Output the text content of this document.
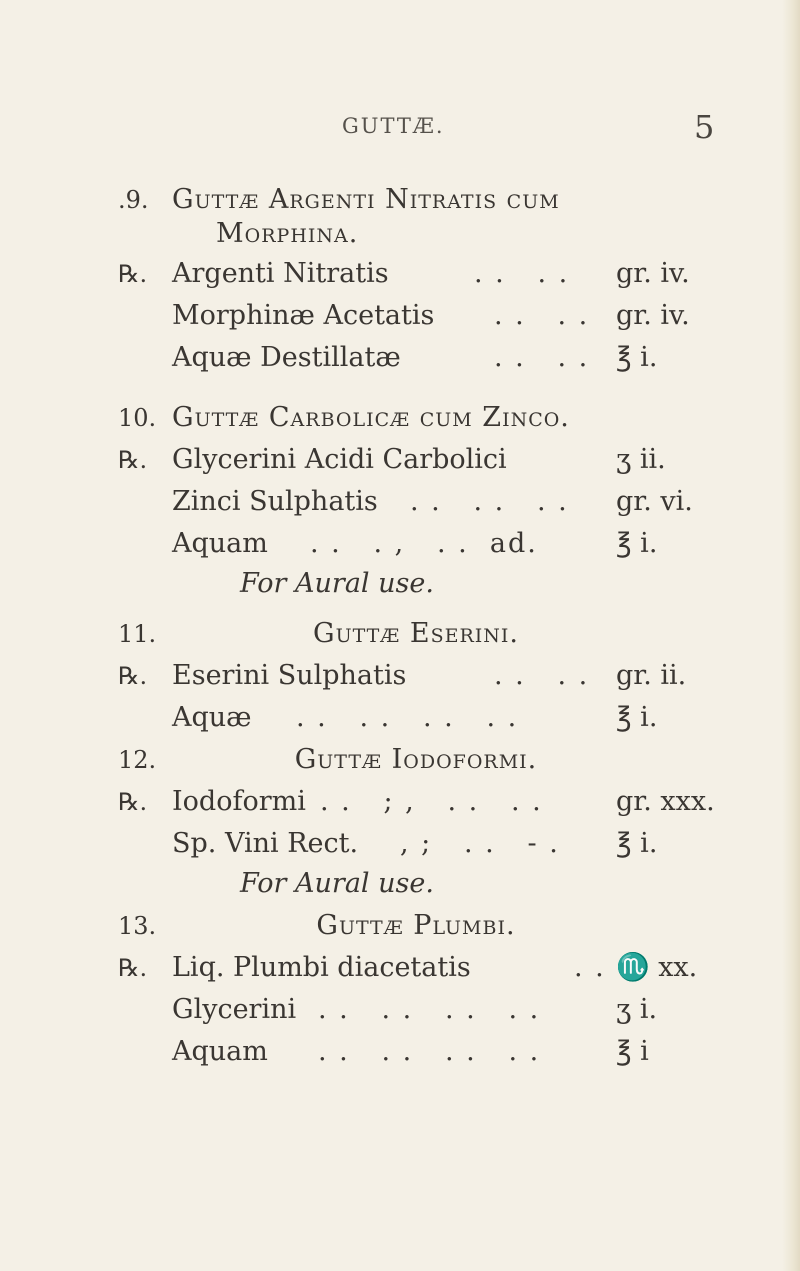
GUTTÆ.	5
.9. Guttæ Argenti Nitratis cum
Morphina.
℞. Argenti Nitratis	. .   . . gr. iv.
Morphinæ Acetatis . .   . . gr. iv.
Aquæ Destillatæ	. .   . . ℥ i.
10. Guttæ Carbolicæ cum Zinco.
℞. Glycerini Acidi Carbolici	ʒ ii.
Zinci Sulphatis . .   . .   . . gr. vi.
Aquam . .   . ,   . .  ad.	℥ i.
For Aural use.
11.	Guttæ Eserini.
℞. Eserini Sulphatis	. .   . . gr. ii.
Aquæ . .   . .   . .   . .	℥ i.
12.	Guttæ Iodoformi.
℞. Iodoformi . .   ; ,   . .   . .	gr. xxx.
Sp. Vini Rect. , ;   . .   - . ℥ i.
For Aural use.
13.	Guttæ Plumbi.
℞. Liq. Plumbi diacetatis	. . ♏ xx.
Glycerini . .   . .   . .   . .	ʒ i.
Aquam . .   . .   . .   . .	℥ i
